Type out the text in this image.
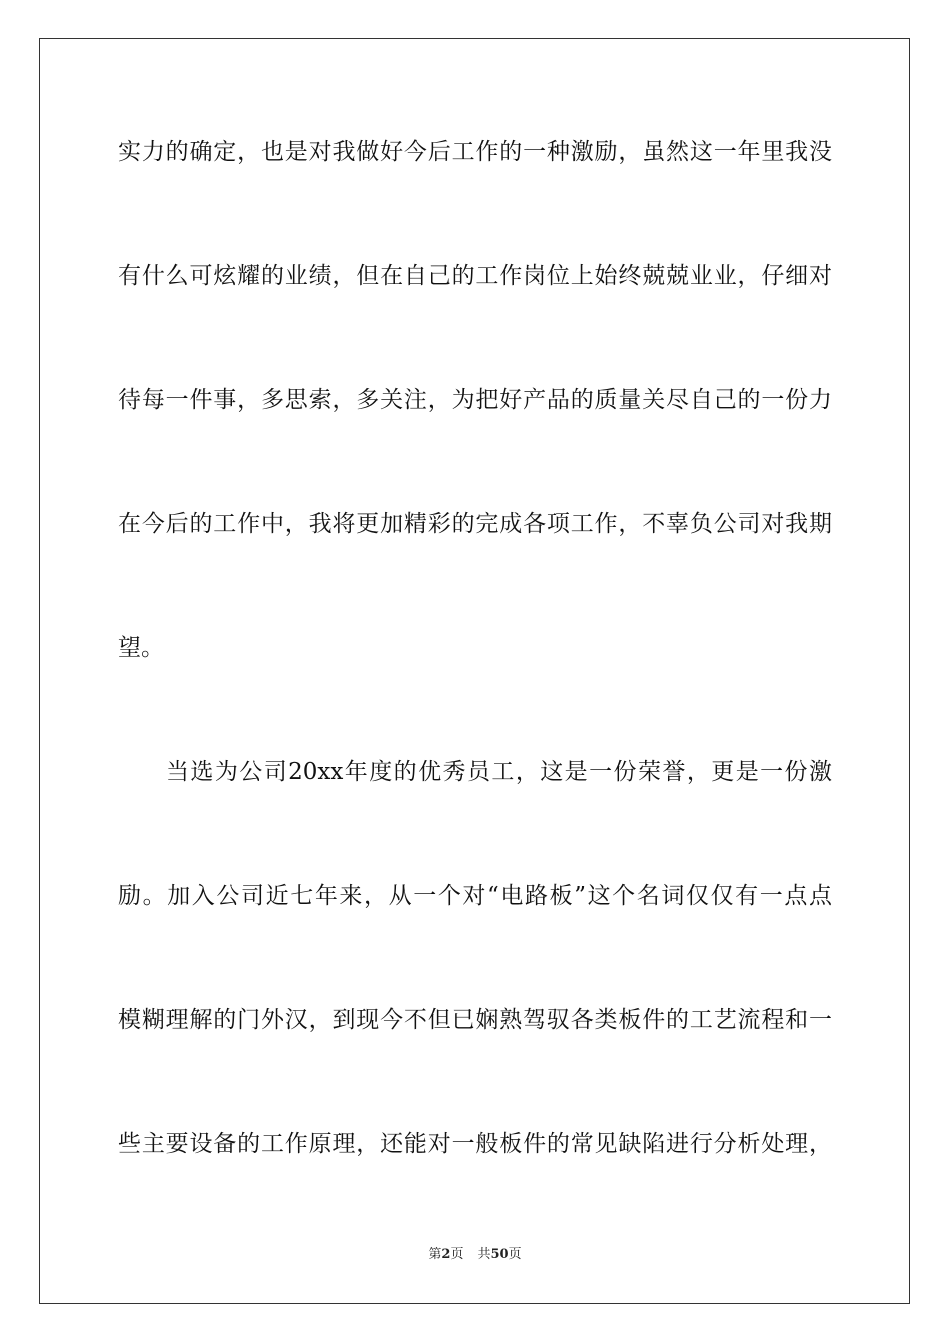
实力的确定，也是对我做好今后工作的一种激励，虽然这一年里我没
有什么可炫耀的业绩，但在自己的工作岗位上始终兢兢业业，仔细对
待每一件事，多思索，多关注，为把好产品的质量关尽自己的一份力
在今后的工作中，我将更加精彩的完成各项工作，不辜负公司对我期
望。
当选为公司20xx年度的优秀员工，这是一份荣誉，更是一份激
励。加入公司近七年来，从一个对“电路板”这个名词仅仅有一点点
模糊理解的门外汉，到现今不但已娴熟驾驭各类板件的工艺流程和一
些主要设备的工作原理，还能对一般板件的常见缺陷进行分析处理，
第2页 共50页
